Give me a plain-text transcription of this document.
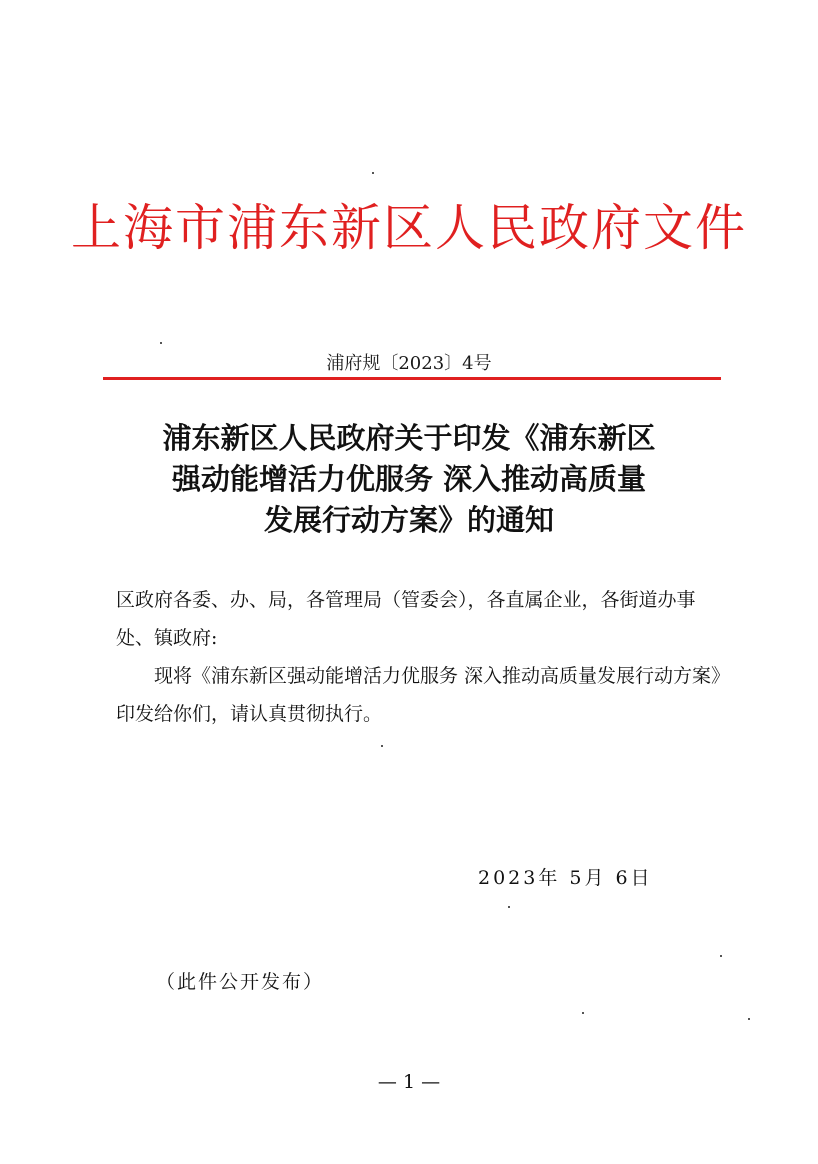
上海市浦东新区人民政府文件
浦府规〔2023〕4号
浦东新区人民政府关于印发《浦东新区
强动能增活力优服务 深入推动高质量
发展行动方案》的通知
区政府各委、办、局，各管理局（管委会），各直属企业，各街道办事处、镇政府:
现将《浦东新区强动能增活力优服务 深入推动高质量发展行动方案》印发给你们，请认真贯彻执行。
2023年 5月 6日
（此件公开发布）
— 1 —
